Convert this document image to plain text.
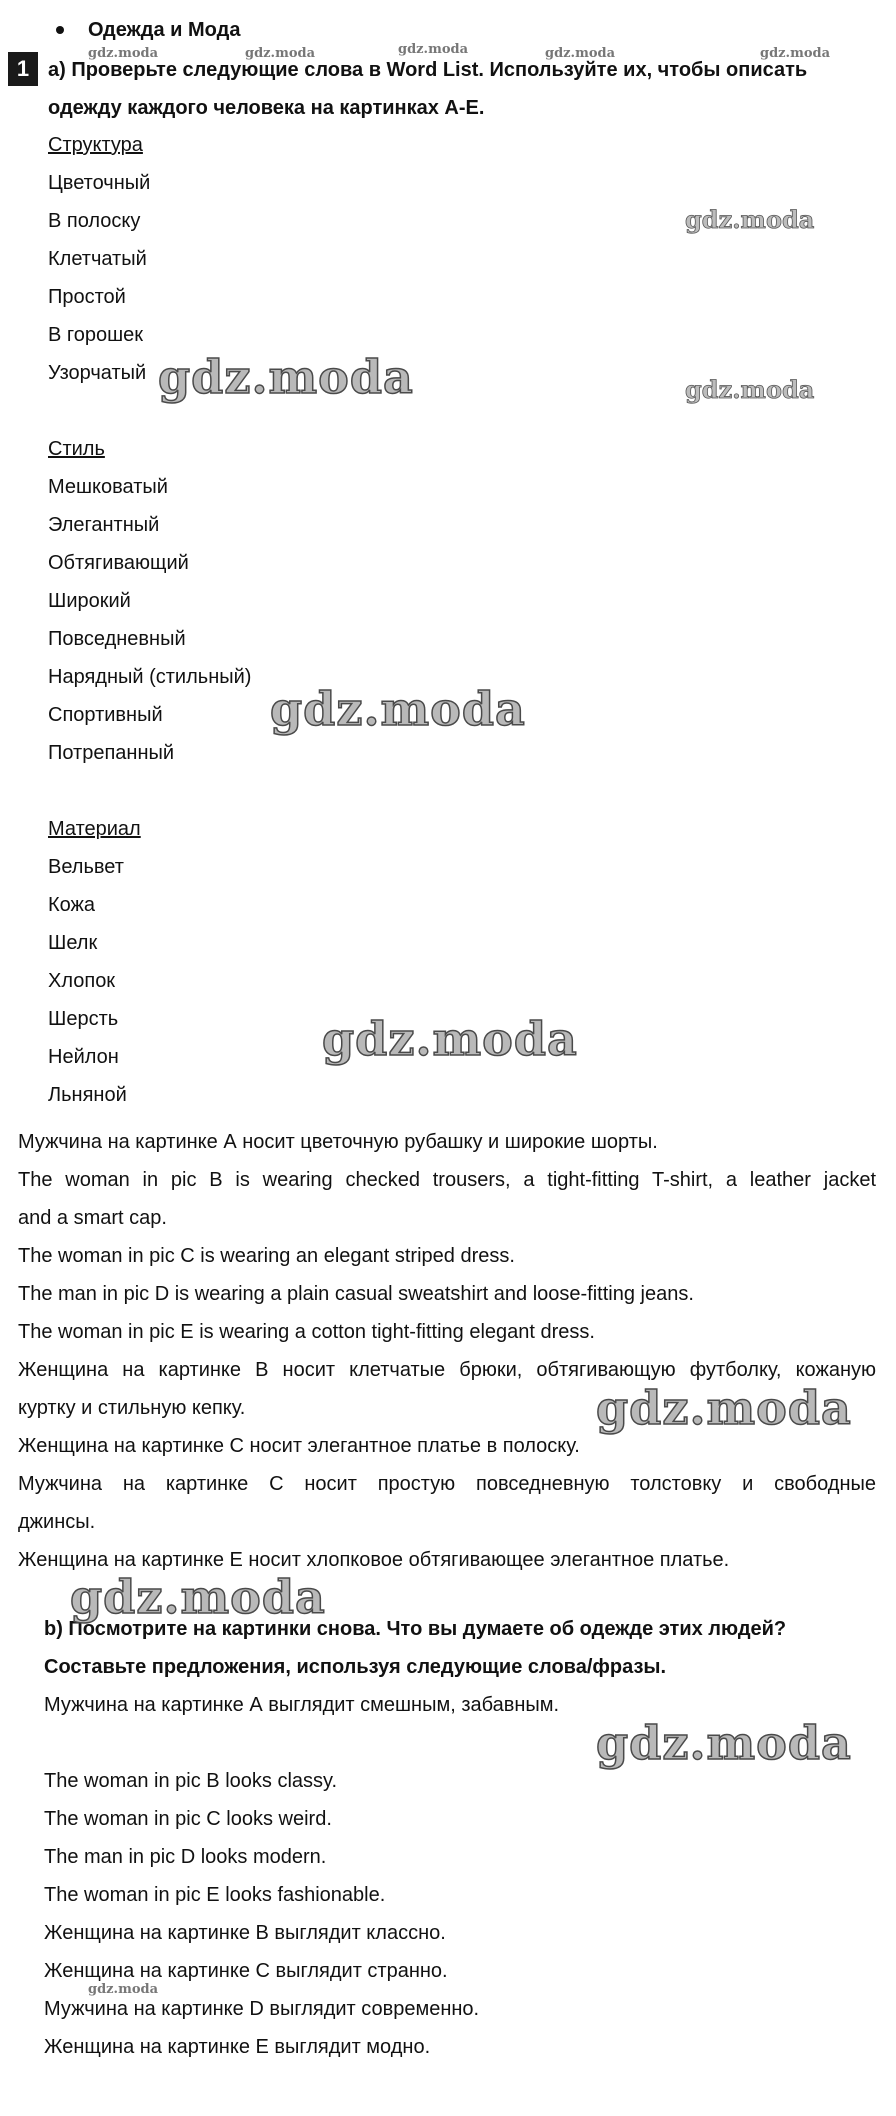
Одежда и Мода
1 a) Проверьте следующие слова в Word List. Используйте их, чтобы описать
одежду каждого человека на картинках A-E.
Структура
Цветочный
В полоску
Клетчатый
Простой
В горошек
Узорчатый
Стиль
Мешковатый
Элегантный
Обтягивающий
Широкий
Повседневный
Нарядный (стильный)
Спортивный
Потрепанный
Материал
Вельвет
Кожа
Шелк
Хлопок
Шерсть
Нейлон
Льняной
Мужчина на картинке А носит цветочную рубашку и широкие шорты.
The woman in pic B is wearing checked trousers, a tight-fitting T-shirt, a leather jacket
and a smart cap.
The woman in pic C is wearing an elegant striped dress.
The man in pic D is wearing a plain casual sweatshirt and loose-fitting jeans.
The woman in pic E is wearing a cotton tight-fitting elegant dress.
Женщина на картинке В носит клетчатые брюки, обтягивающую футболку, кожаную
куртку и стильную кепку.
Женщина на картинке С носит элегантное платье в полоску.
Мужчина на картинке С носит простую повседневную толстовку и свободные
джинсы.
Женщина на картинке Е носит хлопковое обтягивающее элегантное платье.
b) Посмотрите на картинки снова. Что вы думаете об одежде этих людей?
Составьте предложения, используя следующие слова/фразы.
Мужчина на картинке А выглядит смешным, забавным.
The woman in pic B looks classy.
The woman in pic C looks weird.
The man in pic D looks modern.
The woman in pic E looks fashionable.
Женщина на картинке В выглядит классно.
Женщина на картинке С выглядит странно.
Мужчина на картинке D выглядит современно.
Женщина на картинке Е выглядит модно.
gdz.moda	gdz.moda	gdz.moda	gdz.moda	gdz.moda
gdz.moda
gdz.moda
gdz.moda
gdz.moda
gdz.moda
gdz.moda
gdz.moda
gdz.moda
gdz.moda
